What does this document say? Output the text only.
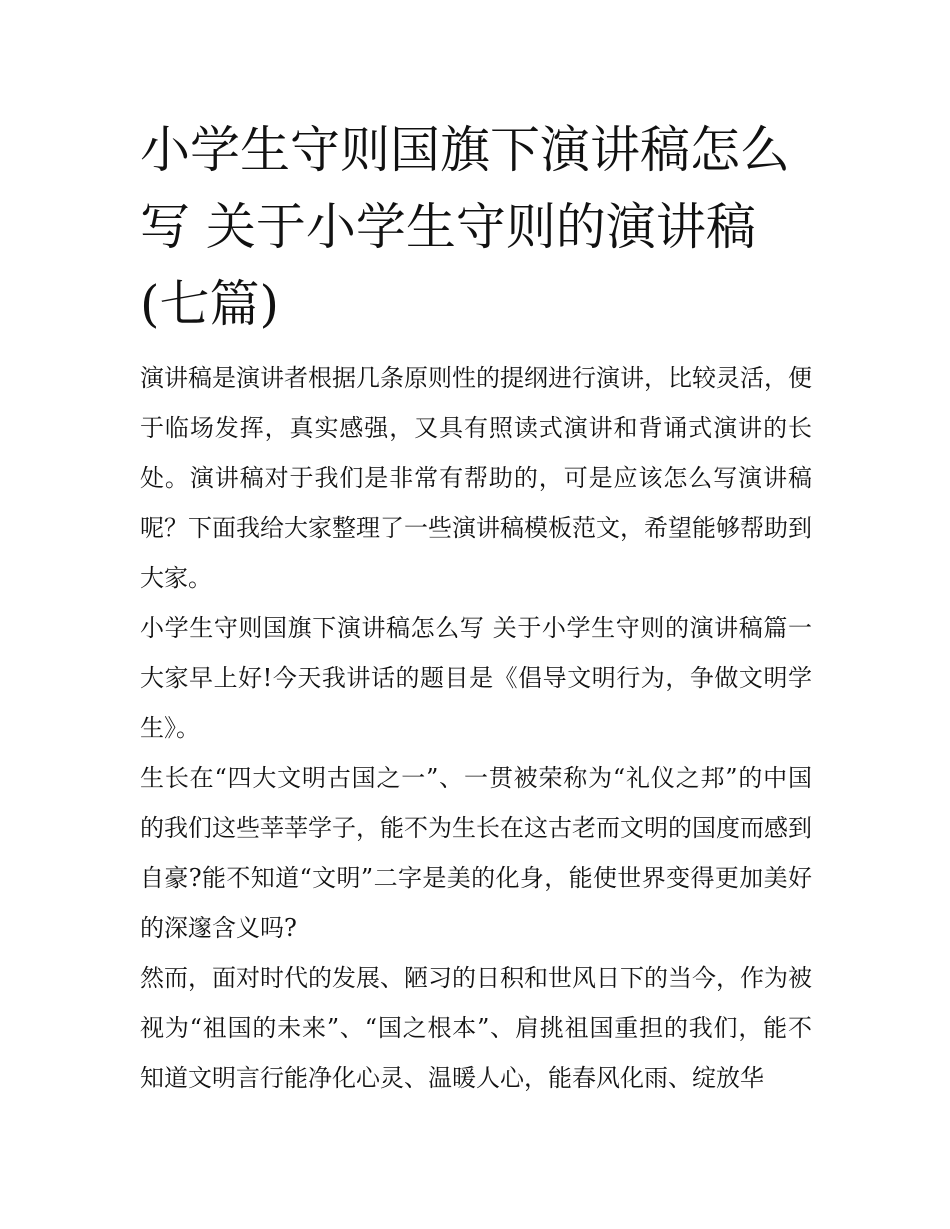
小学生守则国旗下演讲稿怎么写 关于小学生守则的演讲稿(七篇)

演讲稿是演讲者根据几条原则性的提纲进行演讲，比较灵活，便于临场发挥，真实感强，又具有照读式演讲和背诵式演讲的长处。演讲稿对于我们是非常有帮助的，可是应该怎么写演讲稿呢？下面我给大家整理了一些演讲稿模板范文，希望能够帮助到大家。

小学生守则国旗下演讲稿怎么写 关于小学生守则的演讲稿篇一 大家早上好!今天我讲话的题目是《倡导文明行为，争做文明学生》。

生长在“四大文明古国之一”、一贯被荣称为“礼仪之邦”的中国的我们这些莘莘学子，能不为生长在这古老而文明的国度而感到自豪?能不知道“文明”二字是美的化身，能使世界变得更加美好的深邃含义吗?

然而，面对时代的发展、陋习的日积和世风日下的当今，作为被视为“祖国的未来”、“国之根本”、肩挑祖国重担的我们，能不知道文明言行能净化心灵、温暖人心，能春风化雨、绽放华
